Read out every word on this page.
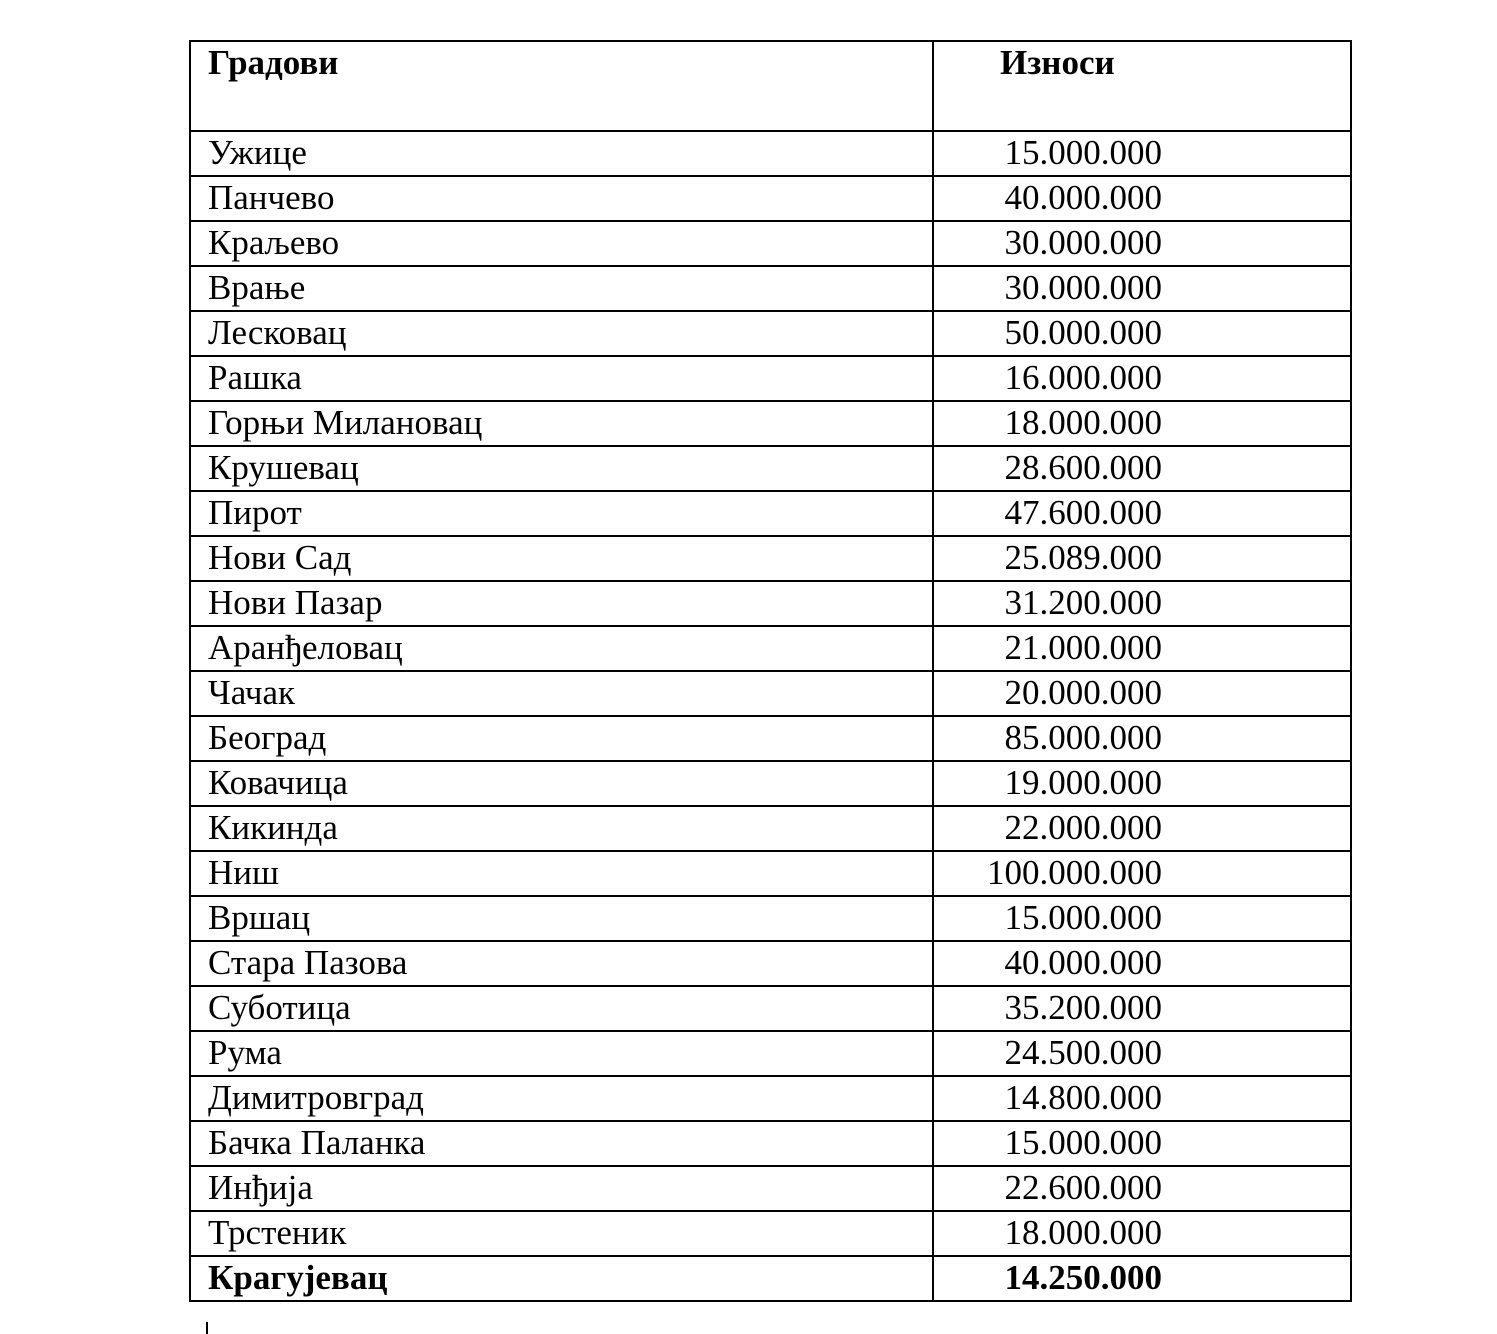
Градови	Износи
Ужице	15.000.000
Панчево	40.000.000
Краљево	30.000.000
Врање	30.000.000
Лесковац	50.000.000
Рашка	16.000.000
Горњи Милановац	18.000.000
Крушевац	28.600.000
Пирот	47.600.000
Нови Сад	25.089.000
Нови Пазар	31.200.000
Аранђеловац	21.000.000
Чачак	20.000.000
Београд	85.000.000
Ковачица	19.000.000
Кикинда	22.000.000
Ниш	100.000.000
Вршац	15.000.000
Стара Пазова	40.000.000
Суботица	35.200.000
Рума	24.500.000
Димитровград	14.800.000
Бачка Паланка	15.000.000
Инђија	22.600.000
Трстеник	18.000.000
Крагујевац	14.250.000
